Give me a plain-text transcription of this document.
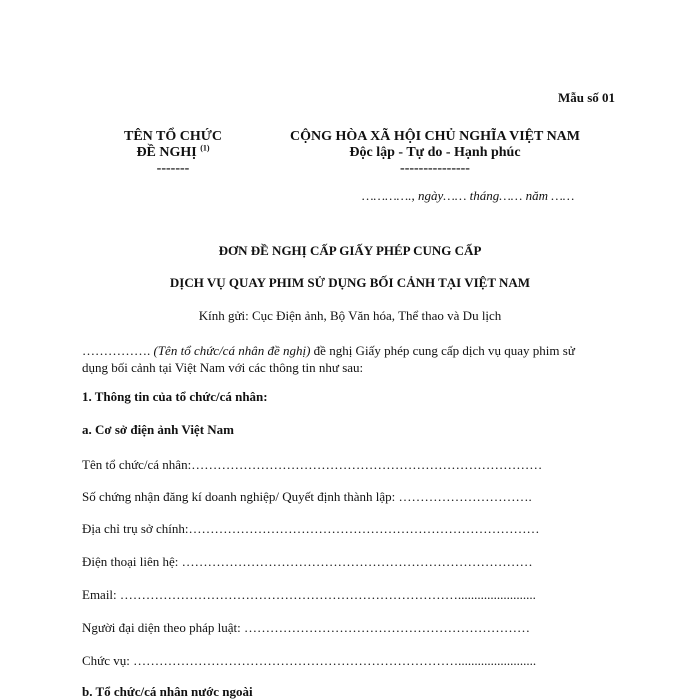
Mẫu số 01
TÊN TỔ CHỨC
ĐỀ NGHỊ $^{(1)}$
-------
CỘNG HÒA XÃ HỘI CHỦ NGHĨA VIỆT NAM
Độc lập - Tự do - Hạnh phúc
---------------
…………., ngày…… tháng…… năm ……
ĐƠN ĐỀ NGHỊ CẤP GIẤY PHÉP CUNG CẤP
DỊCH VỤ QUAY PHIM SỬ DỤNG BỐI CẢNH TẠI VIỆT NAM
Kính gửi: Cục Điện ảnh, Bộ Văn hóa, Thể thao và Du lịch
……………. (Tên tổ chức/cá nhân đề nghị) đề nghị Giấy phép cung cấp dịch vụ quay phim sử
dụng bối cảnh tại Việt Nam với các thông tin như sau:
1. Thông tin của tổ chức/cá nhân:
a. Cơ sở điện ảnh Việt Nam
Tên tổ chức/cá nhân:………………………………………………………………………
Số chứng nhận đăng kí doanh nghiệp/ Quyết định thành lập: ………………………….
Địa chỉ trụ sở chính:………………………………………………………………………
Điện thoại liên hệ: ………………………………………………………………………
Email: ……………………………………………………………………........................
Người đại diện theo pháp luật: …………………………………………………………
Chức vụ: …………………………………………………………………........................
b. Tổ chức/cá nhân nước ngoài
